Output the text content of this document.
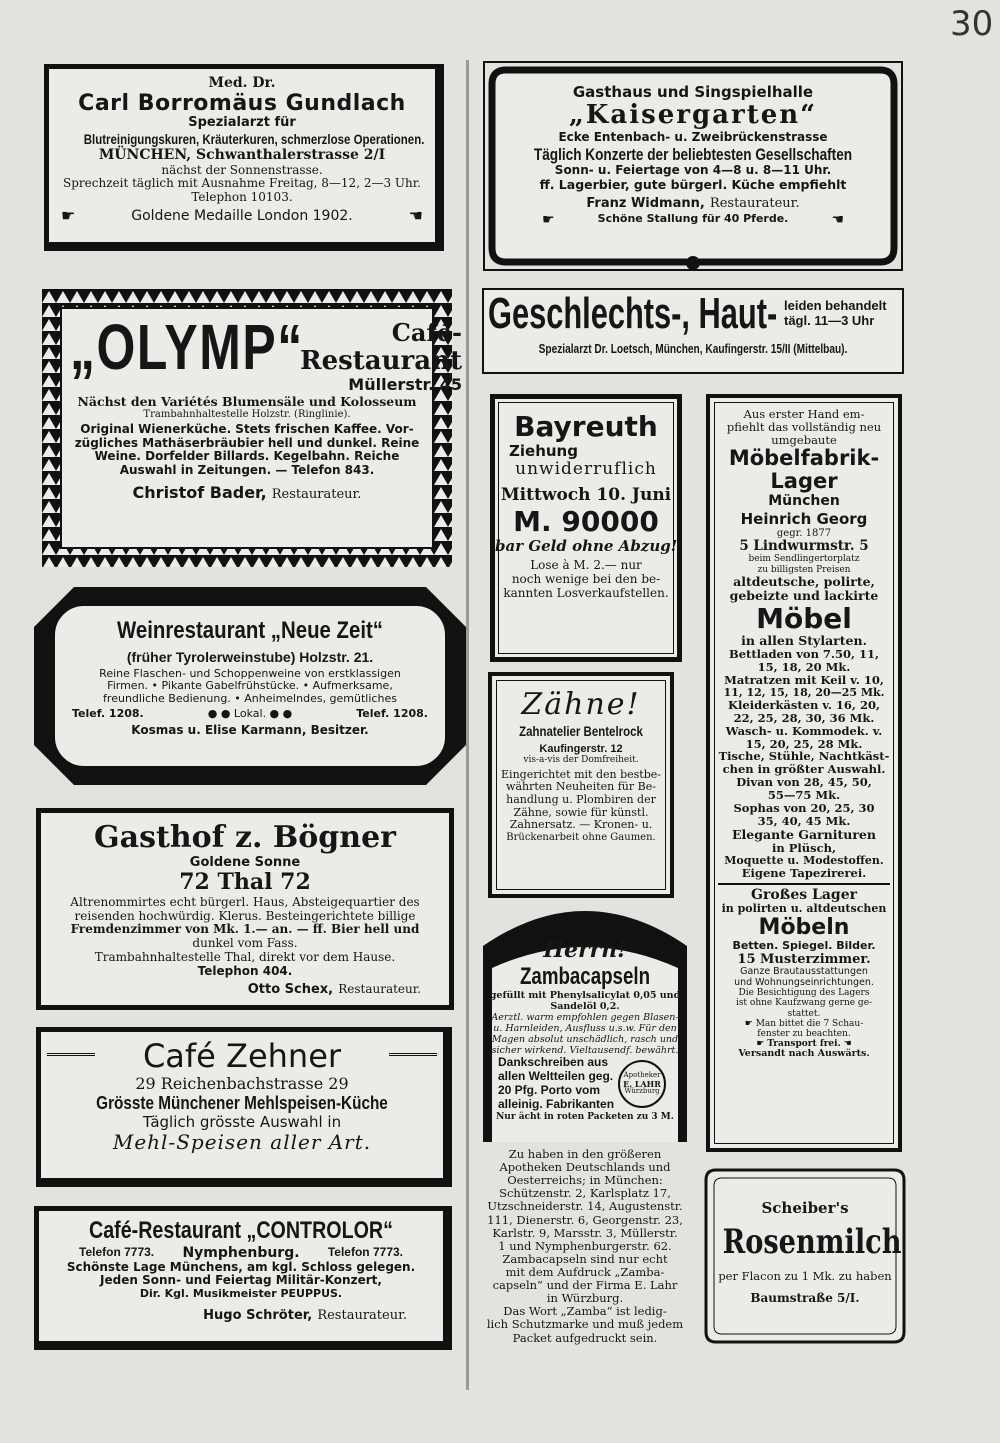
30
Med. Dr.
Carl Borromäus Gundlach
Spezialarzt für
Blutreinigungskuren, Kräuterkuren, schmerzlose Operationen.
MÜNCHEN, Schwanthalerstrasse 2/I
nächst der Sonnenstrasse.
Sprechzeit täglich mit Ausnahme Freitag, 8—12, 2—3 Uhr.
Telephon 10103.
☛	Goldene Medaille London 1902.	☚
„OLYMP“	Café-
Restaurant
Müllerstr. 45
Nächst den Variétés Blumensäle und Kolosseum
Trambahnhaltestelle Holzstr. (Ringlinie).
Original Wienerküche. Stets frischen Kaffee. Vor-
zügliches Mathäserbräubier hell und dunkel. Reine
Weine. Dorfelder Billards. Kegelbahn. Reiche
Auswahl in Zeitungen. — Telefon 843.
Christof Bader, Restaurateur.
Weinrestaurant „Neue Zeit“
(früher Tyrolerweinstube) Holzstr. 21.
Reine Flaschen- und Schoppenweine von erstklassigen
Firmen. • Pikante Gabelfrühstücke. • Aufmerksame,
freundliche Bedienung. • Anheimelndes, gemütliches
Telef. 1208.	● ● Lokal. ● ●	Telef. 1208.
Kosmas u. Elise Karmann, Besitzer.
Gasthof z. Bögner
Goldene Sonne
72 Thal 72
Altrenommirtes echt bürgerl. Haus, Absteigequartier des
reisenden hochwürdig. Klerus. Besteingerichtete billige
Fremdenzimmer von Mk. 1.— an. — ff. Bier hell und
dunkel vom Fass.
Trambahnhaltestelle Thal, direkt vor dem Hause.
Telephon 404.
Otto Schex, Restaurateur.
Café Zehner
29 Reichenbachstrasse 29
Grösste Münchener Mehlspeisen-Küche
Täglich grösste Auswahl in
Mehl-Speisen aller Art.
Café-Restaurant „CONTROLOR“
Telefon 7773. Nymphenburg. Telefon 7773.
Schönste Lage Münchens, am kgl. Schloss gelegen.
Jeden Sonn- und Feiertag Militär-Konzert,
Dir. Kgl. Musikmeister PEUPPUS.
Hugo Schröter, Restaurateur.
Gasthaus und Singspielhalle
„Kaisergarten“
Ecke Entenbach- u. Zweibrückenstrasse
Täglich Konzerte der beliebtesten Gesellschaften
Sonn- u. Feiertage von 4—8 u. 8—11 Uhr.
ff. Lagerbier, gute bürgerl. Küche empfiehlt
Franz Widmann, Restaurateur.
☛	Schöne Stallung für 40 Pferde.	☚
Geschlechts-, Haut- leiden behandelt
tägl. 11—3 Uhr
Spezialarzt Dr. Loetsch, München, Kaufingerstr. 15/II (Mittelbau).
Bayreuth
Ziehung
unwiderruflich
Mittwoch 10. Juni
M. 90000
bar Geld ohne Abzug!
Lose à M. 2.— nur
noch wenige bei den be-
kannten Losverkaufstellen.
Zähne!
Zahnatelier Bentelrock
Kaufingerstr. 12
vis-a-vis der Domfreiheit.
Eingerichtet mit den bestbe-
währten Neuheiten für Be-
handlung u. Plombiren der
Zähne, sowie für künstl.
Zahnersatz. — Kronen- u.
Brückenarbeit ohne Gaumen.
Herrn!
Zambacapseln
gefüllt mit Phenylsalicylat 0,05 und
Sandelöl 0,2.
Aerztl. warm empfohlen gegen Blasen-
u. Harnleiden, Ausfluss u.s.w. Für den
Magen absolut unschädlich, rasch und
sicher wirkend. Vieltausendf. bewährt.
Dankschreiben aus
allen Weltteilen geg.
20 Pfg. Porto vom
alleinig. Fabrikanten
Apotheker
E. LAHR
Würzburg
Nur ächt in roten Packeten zu 3 M.
Zu haben in den größeren
Apotheken Deutschlands und
Oesterreichs; in München:
Schützenstr. 2, Karlsplatz 17,
Utzschneiderstr. 14, Augustenstr.
111, Dienerstr. 6, Georgenstr. 23,
Karlstr. 9, Marsstr. 3, Müllerstr.
1 und Nymphenburgerstr. 62.
Zambacapseln sind nur echt
mit dem Aufdruck „Zamba-
capseln“ und der Firma E. Lahr
in Würzburg.
Das Wort „Zamba“ ist ledig-
lich Schutzmarke und muß jedem
Packet aufgedruckt sein.
Aus erster Hand em-
pfiehlt das vollständig neu
umgebaute
Möbelfabrik-
Lager
München
Heinrich Georg
gegr. 1877
5 Lindwurmstr. 5
beim Sendlingertorplatz
zu billigsten Preisen
altdeutsche, polirte,
gebeizte und lackirte
Möbel
in allen Stylarten.
Bettladen von 7.50, 11,
15, 18, 20 Mk.
Matratzen mit Keil v. 10,
11, 12, 15, 18, 20—25 Mk.
Kleiderkästen v. 16, 20,
22, 25, 28, 30, 36 Mk.
Wasch- u. Kommodek. v.
15, 20, 25, 28 Mk.
Tische, Stühle, Nachtkäst-
chen in größter Auswahl.
Divan von 28, 45, 50,
55—75 Mk.
Sophas von 20, 25, 30
35, 40, 45 Mk.
Elegante Garnituren
in Plüsch,
Moquette u. Modestoffen.
Eigene Tapezirerei.
Großes Lager
in polirten u. altdeutschen
Möbeln
Betten. Spiegel. Bilder.
15 Musterzimmer.
Ganze Brautausstattungen
und Wohnungseinrichtungen.
Die Besichtigung des Lagers
ist ohne Kaufzwang gerne ge-
stattet.
☛ Man bittet die 7 Schau-
fenster zu beachten.
☛ Transport frei. ☚
Versandt nach Auswärts.
Scheiber's
Rosenmilch
per Flacon zu 1 Mk. zu haben
Baumstraße 5/I.
